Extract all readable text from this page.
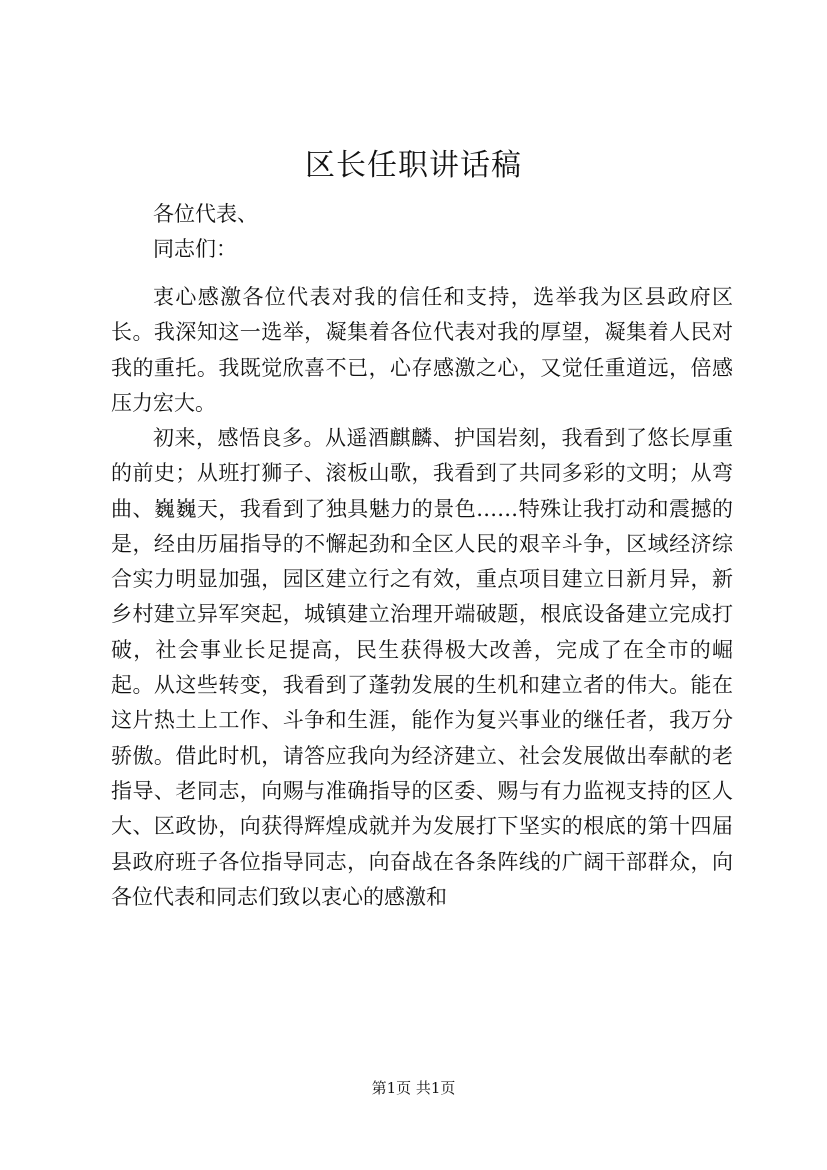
区长任职讲话稿

各位代表、

同志们：

衷心感激各位代表对我的信任和支持，选举我为区县政府区长。我深知这一选举，凝集着各位代表对我的厚望，凝集着人民对我的重托。我既觉欣喜不已，心存感激之心，又觉任重道远，倍感压力宏大。

初来，感悟良多。从遥酒麒麟、护国岩刻，我看到了悠长厚重的前史；从班打狮子、滚板山歌，我看到了共同多彩的文明；从弯曲、巍巍天，我看到了独具魅力的景色……特殊让我打动和震撼的是，经由历届指导的不懈起劲和全区人民的艰辛斗争，区域经济综合实力明显加强，园区建立行之有效，重点项目建立日新月异，新乡村建立异军突起，城镇建立治理开端破题，根底设备建立完成打破，社会事业长足提高，民生获得极大改善，完成了在全市的崛起。从这些转变，我看到了蓬勃发展的生机和建立者的伟大。能在这片热土上工作、斗争和生涯，能作为复兴事业的继任者，我万分骄傲。借此时机，请答应我向为经济建立、社会发展做出奉献的老指导、老同志，向赐与准确指导的区委、赐与有力监视支持的区人大、区政协，向获得辉煌成就并为发展打下坚实的根底的第十四届县政府班子各位指导同志，向奋战在各条阵线的广阔干部群众，向各位代表和同志们致以衷心的感激和

第1页 共1页
